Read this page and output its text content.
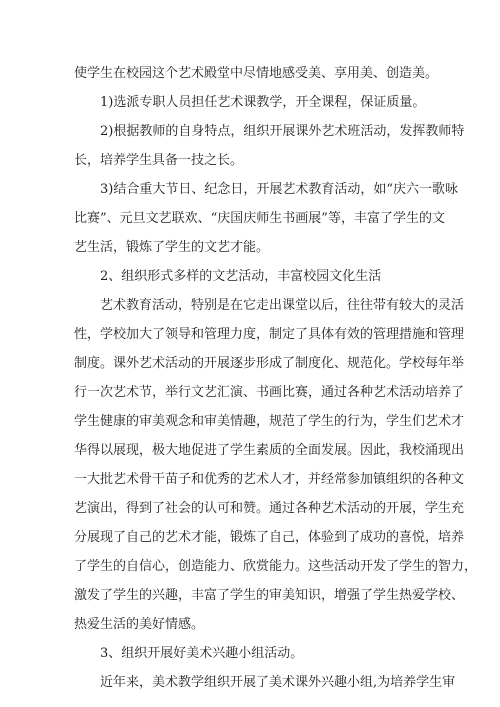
使学生在校园这个艺术殿堂中尽情地感受美、享用美、创造美。
1)选派专职人员担任艺术课教学，开全课程，保证质量。
2)根据教师的自身特点，组织开展课外艺术班活动，发挥教师特
长，培养学生具备一技之长。
3)结合重大节日、纪念日，开展艺术教育活动，如“庆六一歌咏
比赛”、元旦文艺联欢、“庆国庆师生书画展”等，丰富了学生的文
艺生活，锻炼了学生的文艺才能。
2、组织形式多样的文艺活动，丰富校园文化生活
艺术教育活动，特别是在它走出课堂以后，往往带有较大的灵活
性，学校加大了领导和管理力度，制定了具体有效的管理措施和管理
制度。课外艺术活动的开展逐步形成了制度化、规范化。学校每年举
行一次艺术节，举行文艺汇演、书画比赛，通过各种艺术活动培养了
学生健康的审美观念和审美情趣，规范了学生的行为，学生们艺术才
华得以展现，极大地促进了学生素质的全面发展。因此，我校涌现出
一大批艺术骨干苗子和优秀的艺术人才，并经常参加镇组织的各种文
艺演出，得到了社会的认可和赞。通过各种艺术活动的开展，学生充
分展现了自己的艺术才能，锻炼了自己，体验到了成功的喜悦，培养
了学生的自信心，创造能力、欣赏能力。这些活动开发了学生的智力，
激发了学生的兴趣，丰富了学生的审美知识，增强了学生热爱学校、
热爱生活的美好情感。
3、组织开展好美术兴趣小组活动。
近年来，美术教学组织开展了美术课外兴趣小组,为培养学生审
